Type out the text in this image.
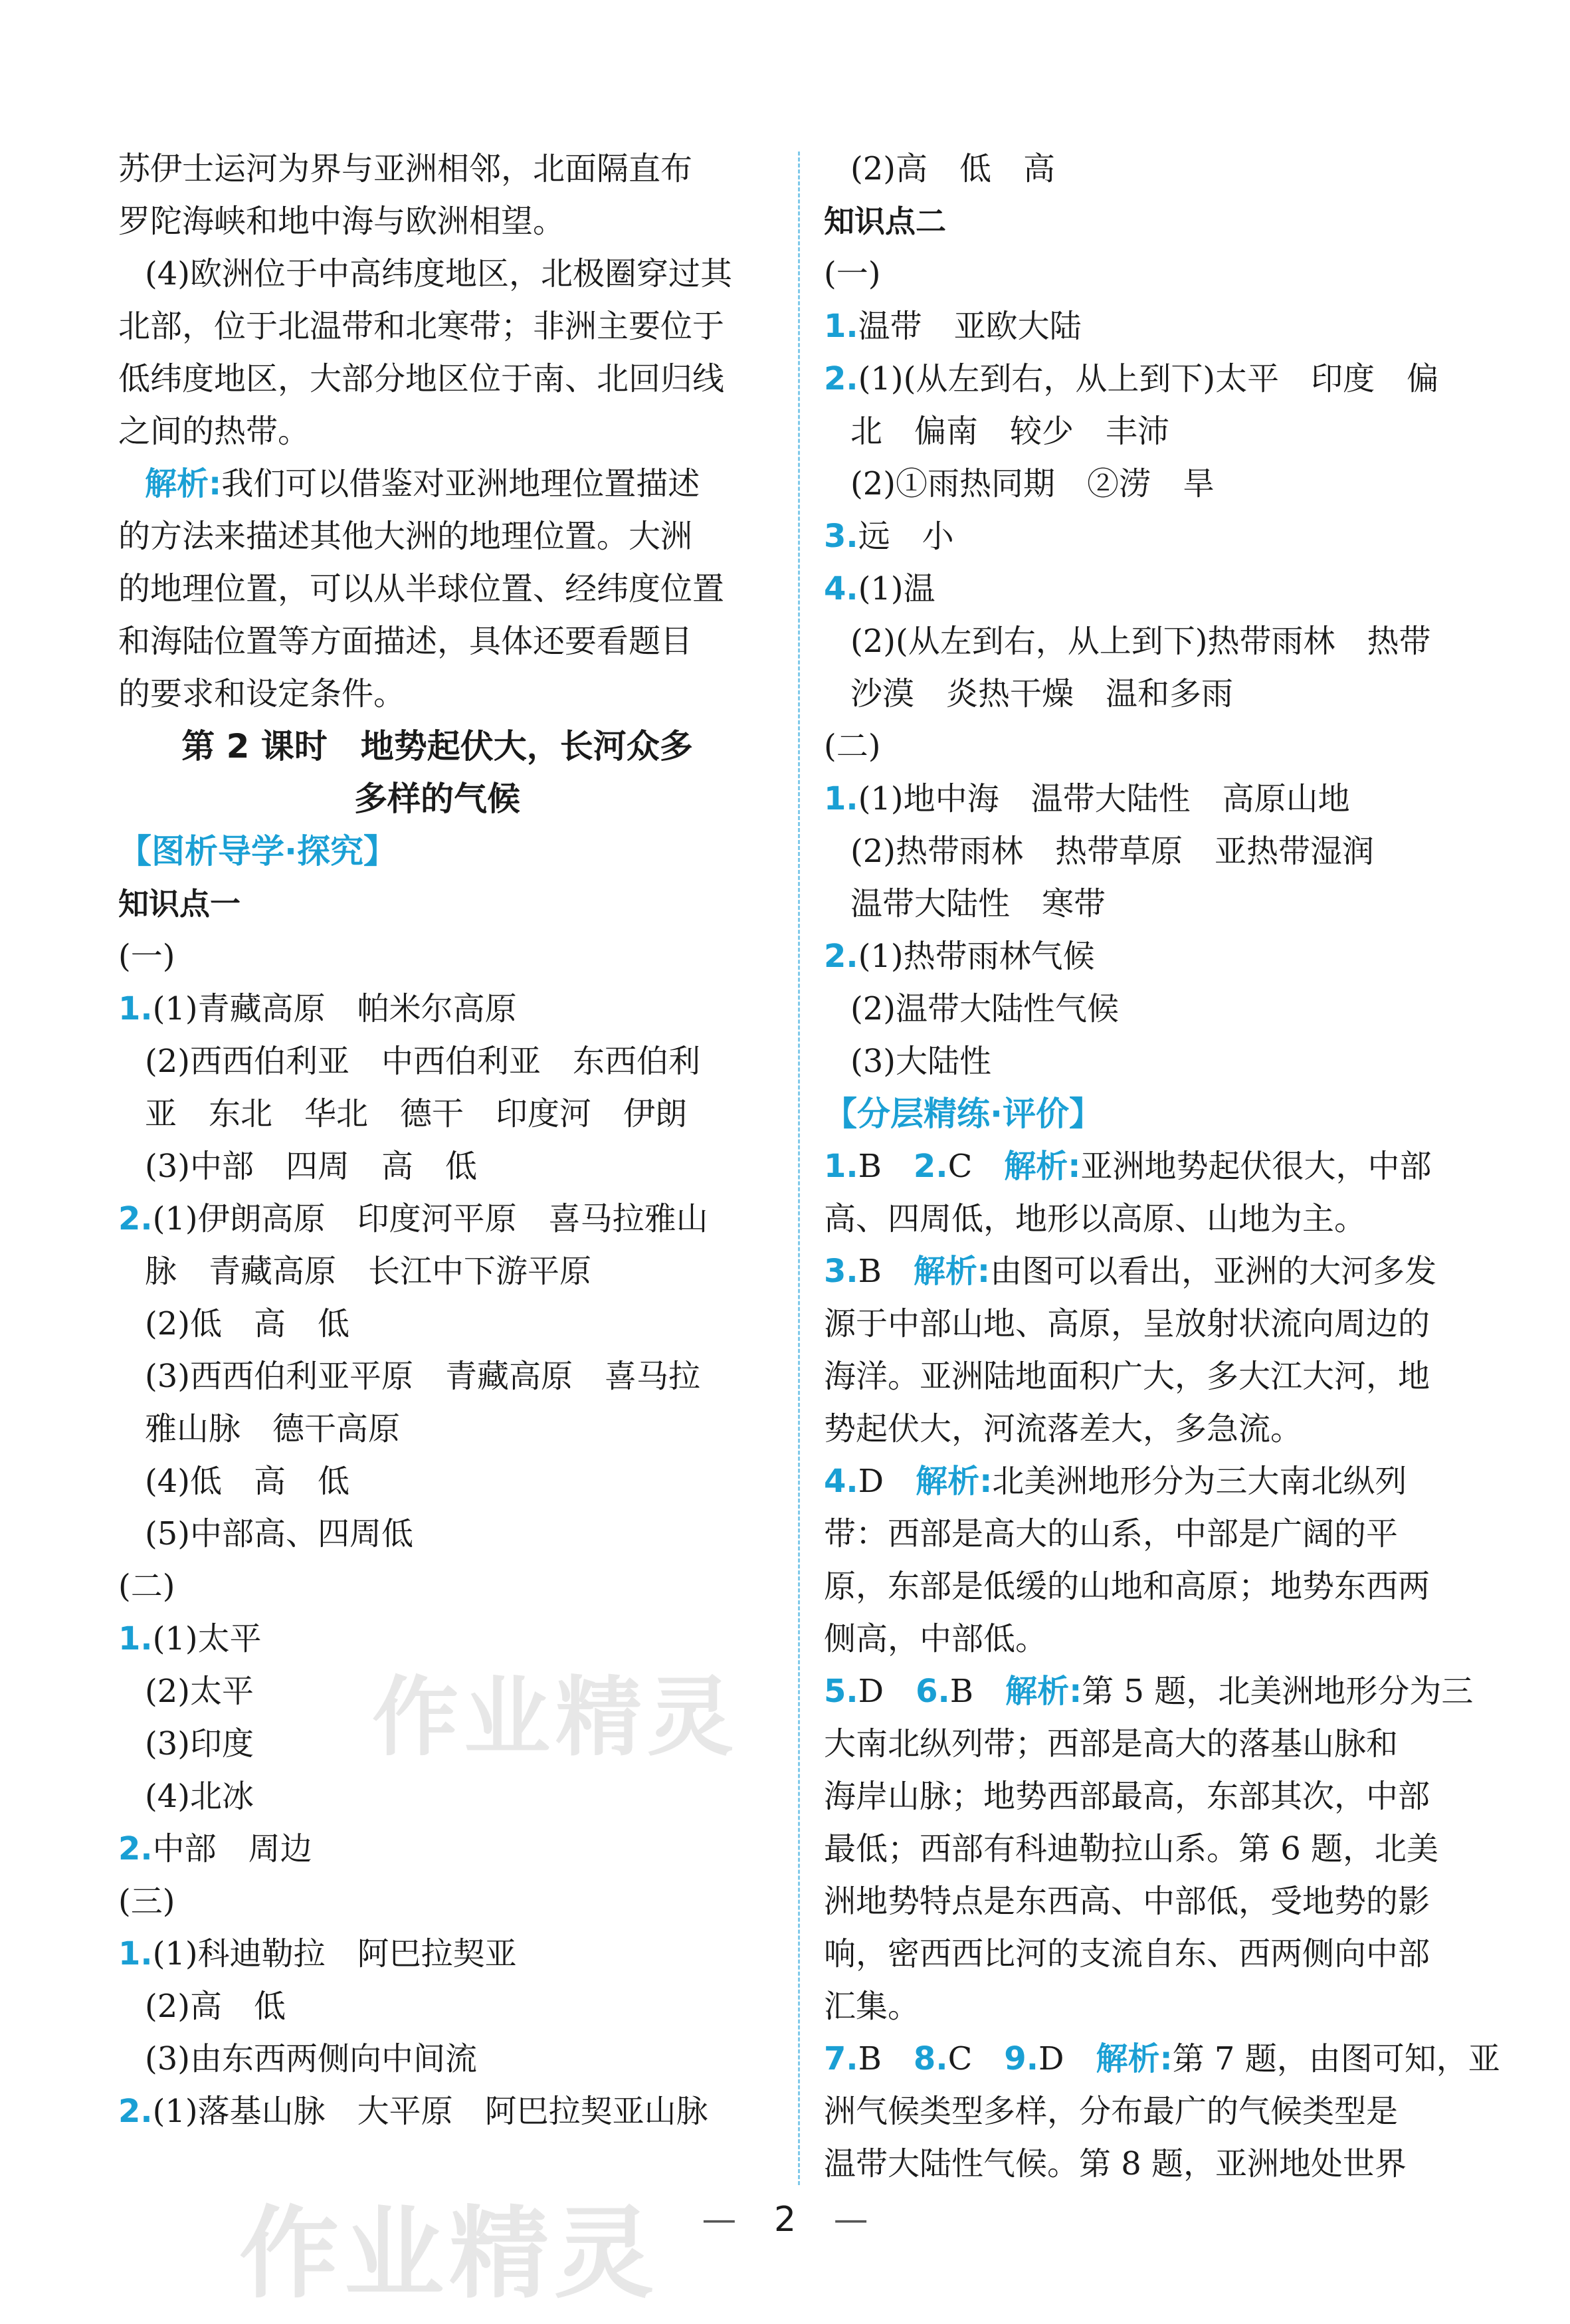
苏伊士运河为界与亚洲相邻，北面隔直布
罗陀海峡和地中海与欧洲相望。
(4)欧洲位于中高纬度地区，北极圈穿过其
北部，位于北温带和北寒带；非洲主要位于
低纬度地区，大部分地区位于南、北回归线
之间的热带。
解析:我们可以借鉴对亚洲地理位置描述
的方法来描述其他大洲的地理位置。大洲
的地理位置，可以从半球位置、经纬度位置
和海陆位置等方面描述，具体还要看题目
的要求和设定条件。
第 2 课时　地势起伏大，长河众多
多样的气候
【图析导学·探究】
知识点一
(一)
1.(1)青藏高原　帕米尔高原
(2)西西伯利亚　中西伯利亚　东西伯利
亚　东北　华北　德干　印度河　伊朗
(3)中部　四周　高　低
2.(1)伊朗高原　印度河平原　喜马拉雅山
脉　青藏高原　长江中下游平原
(2)低　高　低
(3)西西伯利亚平原　青藏高原　喜马拉
雅山脉　德干高原
(4)低　高　低
(5)中部高、四周低
(二)
1.(1)太平
(2)太平
(3)印度
(4)北冰
2.中部　周边
(三)
1.(1)科迪勒拉　阿巴拉契亚
(2)高　低
(3)由东西两侧向中间流
2.(1)落基山脉　大平原　阿巴拉契亚山脉
(2)高　低　高
知识点二
(一)
1.温带　亚欧大陆
2.(1)(从左到右，从上到下)太平　印度　偏
北　偏南　较少　丰沛
(2)①雨热同期　②涝　旱
3.远　小
4.(1)温
(2)(从左到右，从上到下)热带雨林　热带
沙漠　炎热干燥　温和多雨
(二)
1.(1)地中海　温带大陆性　高原山地
(2)热带雨林　热带草原　亚热带湿润
温带大陆性　寒带
2.(1)热带雨林气候
(2)温带大陆性气候
(3)大陆性
【分层精练·评价】
1.B　2.C　解析:亚洲地势起伏很大，中部
高、四周低，地形以高原、山地为主。
3.B　解析:由图可以看出，亚洲的大河多发
源于中部山地、高原，呈放射状流向周边的
海洋。亚洲陆地面积广大，多大江大河，地
势起伏大，河流落差大，多急流。
4.D　解析:北美洲地形分为三大南北纵列
带：西部是高大的山系，中部是广阔的平
原，东部是低缓的山地和高原；地势东西两
侧高，中部低。
5.D　6.B　解析:第 5 题，北美洲地形分为三
大南北纵列带；西部是高大的落基山脉和
海岸山脉；地势西部最高，东部其次，中部
最低；西部有科迪勒拉山系。第 6 题，北美
洲地势特点是东西高、中部低，受地势的影
响，密西西比河的支流自东、西两侧向中部
汇集。
7.B　8.C　9.D　解析:第 7 题，由图可知，亚
洲气候类型多样，分布最广的气候类型是
温带大陆性气候。第 8 题，亚洲地处世界
作业精灵
作业精灵	— 2 —
